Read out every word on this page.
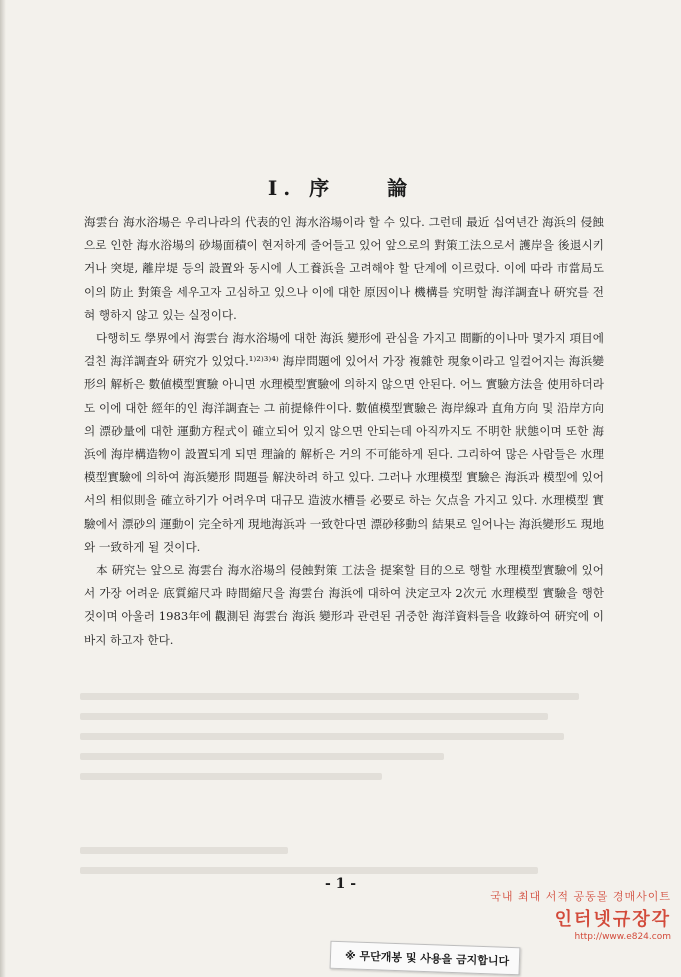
Ⅰ. 序　　論

海雲台 海水浴場은 우리나라의 代表的인 海水浴場이라 할 수 있다. 그런데 最近 십여년간 海浜의 侵蝕으로 인한 海水浴場의 砂場面積이 현저하게 줄어들고 있어 앞으로의 對策工法으로서 護岸을 後退시키거나 突堤, 離岸堤 등의 設置와 동시에 人工養浜을 고려해야 할 단계에 이르렀다. 이에 따라 市當局도 이의 防止 對策을 세우고자 고심하고 있으나 이에 대한 原因이나 機構를 究明할 海洋調査나 硏究를 전혀 행하지 않고 있는 실정이다.

다행히도 學界에서 海雲台 海水浴場에 대한 海浜 變形에 관심을 가지고 間斷的이나마 몇가지 項目에 걸친 海洋調査와 硏究가 있었다.¹⁾²⁾³⁾⁴⁾ 海岸問題에 있어서 가장 複雜한 現象이라고 일컬어지는 海浜變形의 解析은 數値模型實驗 아니면 水理模型實驗에 의하지 않으면 안된다. 어느 實驗方法을 使用하더라도 이에 대한 經年的인 海洋調査는 그 前提條件이다. 數値模型實驗은 海岸線과 直角方向 및 沿岸方向의 漂砂量에 대한 運動方程式이 確立되어 있지 않으면 안되는데 아직까지도 不明한 狀態이며 또한 海浜에 海岸構造物이 設置되게 되면 理論的 解析은 거의 不可能하게 된다. 그리하여 많은 사람들은 水理模型實驗에 의하여 海浜變形 問題를 解決하려 하고 있다. 그러나 水理模型 實驗은 海浜과 模型에 있어서의 相似則을 確立하기가 어려우며 대규모 造波水槽를 必要로 하는 欠点을 가지고 있다. 水理模型 實驗에서 漂砂의 運動이 完全하게 現地海浜과 一致한다면 漂砂移動의 結果로 일어나는 海浜變形도 現地와 一致하게 될 것이다.

本 硏究는 앞으로 海雲台 海水浴場의 侵蝕對策 工法을 提案할 目的으로 행할 水理模型實驗에 있어서 가장 어려운 底質縮尺과 時間縮尺을 海雲台 海浜에 대하여 決定코자 2次元 水理模型 實驗을 행한 것이며 아울러 1983年에 觀測된 海雲台 海浜 變形과 관련된 귀중한 海洋資料들을 收錄하여 硏究에 이바지 하고자 한다.

- 1 -
국내 최대 서적 공동몰 경매사이트
인터넷규장각
http://www.e824.com
※ 무단개봉 및 사용을 금지합니다
